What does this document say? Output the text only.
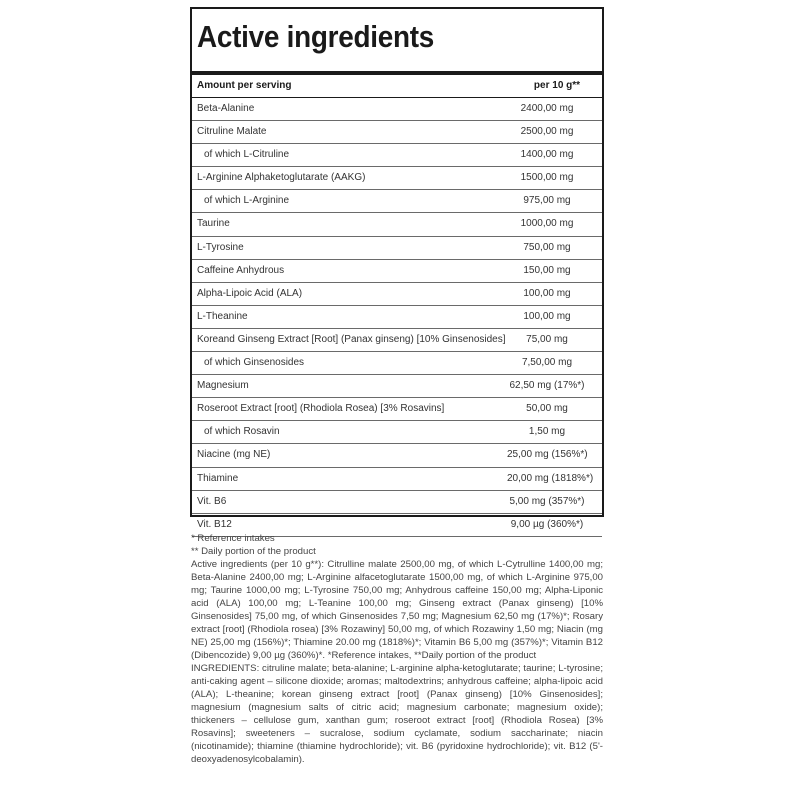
Active ingredients
Amount per serving	per 10 g**
Beta-Alanine	2400,00 mg
Citruline Malate	2500,00 mg
of which L-Citruline	1400,00 mg
L-Arginine Alphaketoglutarate (AAKG)	1500,00 mg
of which L-Arginine	975,00 mg
Taurine	1000,00 mg
L-Tyrosine	750,00 mg
Caffeine Anhydrous	150,00 mg
Alpha-Lipoic Acid (ALA)	100,00 mg
L-Theanine	100,00 mg
Koreand Ginseng Extract [Root] (Panax ginseng) [10% Ginsenosides]	75,00 mg
of which Ginsenosides	7,50,00 mg
Magnesium	62,50 mg (17%*)
Roseroot Extract [root] (Rhodiola Rosea) [3% Rosavins]	50,00 mg
of which Rosavin	1,50 mg
Niacine (mg NE)	25,00 mg (156%*)
Thiamine	20,00 mg (1818%*)
Vit. B6	5,00 mg (357%*)
Vit. B12	9,00 µg (360%*)

* Reference intakes

** Daily portion of the product

Active ingredients (per 10 g**): Citrulline malate 2500,00 mg, of which L-Cytrulline 1400,00 mg; Beta-Alanine 2400,00 mg; L-Arginine alfacetoglutarate 1500,00 mg, of which L-Arginine 975,00 mg; Taurine 1000,00 mg; L-Tyrosine 750,00 mg; Anhydrous caffeine 150,00 mg; Alpha-Liponic acid (ALA) 100,00 mg; L-Teanine 100,00 mg; Ginseng extract (Panax ginseng) [10% Ginsenosides] 75,00 mg, of which Ginsenosides 7,50 mg; Magnesium 62,50 mg (17%)*; Rosary extract [root] (Rhodiola rosea) [3% Rozawiny] 50,00 mg, of which Rozawiny 1,50 mg; Niacin (mg NE) 25,00 mg (156%)*; Thiamine 20.00 mg (1818%)*; Vitamin B6 5,00 mg (357%)*; Vitamin B12 (Dibencozide) 9,00 µg (360%)*. *Reference intakes, **Daily portion of the product

INGREDIENTS: citruline malate; beta-alanine; L-arginine alpha-ketoglutarate; taurine; L-tyrosine; anti-caking agent – silicone dioxide; aromas; maltodextrins; anhydrous caffeine; alpha-lipoic acid (ALA); L-theanine; korean ginseng extract [root] (Panax ginseng) [10% Ginsenosides]; magnesium (magnesium salts of citric acid; magnesium carbonate; magnesium oxide); thickeners – cellulose gum, xanthan gum; roseroot extract [root] (Rhodiola Rosea) [3% Rosavins]; sweeteners – sucralose, sodium cyclamate, sodium saccharinate; niacin (nicotinamide); thiamine (thiamine hydrochloride); vit. B6 (pyridoxine hydrochloride); vit. B12 (5'-deoxyadenosylcobalamin).
